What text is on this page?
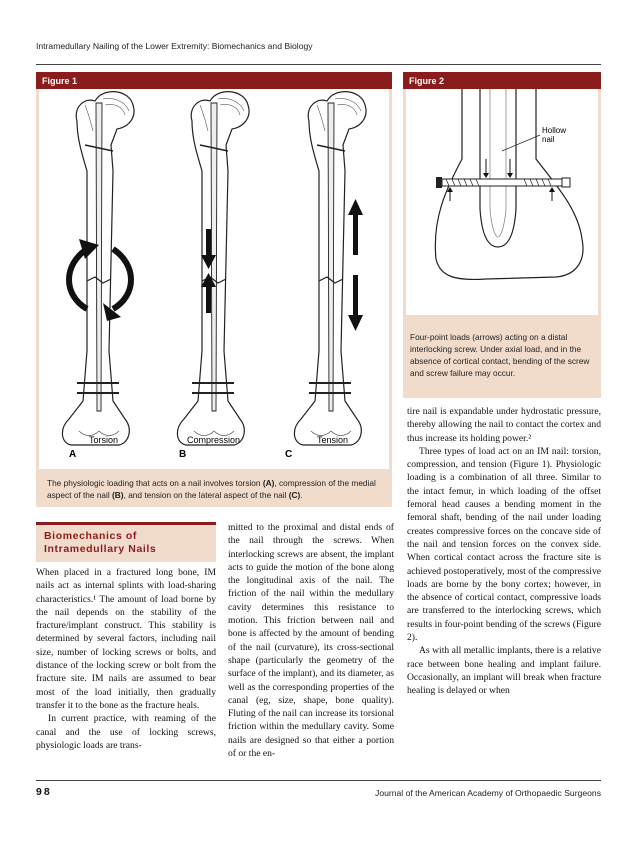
Intramedullary Nailing of the Lower Extremity: Biomechanics and Biology
Figure 1
A
Torsion
B
Compression
C
Tension
The physiologic loading that acts on a nail involves torsion (A), compression of the medial aspect of the nail (B), and tension on the lateral aspect of the nail (C).
Figure 2
Hollow
nail
Four-point loads (arrows) acting on a distal interlocking screw. Under axial load, and in the absence of cortical contact, bending of the screw and screw failure may occur.
Biomechanics of
Intramedullary Nails

When placed in a fractured long bone, IM nails act as internal splints with load-sharing characteristics.¹ The amount of load borne by the nail depends on the stability of the fracture/implant construct. This stability is determined by several factors, including nail size, number of locking screws or bolts, and distance of the locking screw or bolt from the fracture site. IM nails are assumed to bear most of the load initially, then gradually transfer it to the bone as the fracture heals.

In current practice, with reaming of the canal and the use of locking screws, physiologic loads are trans-

mitted to the proximal and distal ends of the nail through the screws. When interlocking screws are absent, the implant acts to guide the motion of the bone along the longitudinal axis of the nail. The friction of the nail within the medullary cavity determines this resistance to motion. This friction between nail and bone is affected by the amount of bending of the nail (curvature), its cross-sectional shape (particularly the geometry of the surface of the implant), and its diameter, as well as the corresponding properties of the canal (eg, size, shape, bone quality). Fluting of the nail can increase its torsional friction within the medullary cavity. Some nails are designed so that either a portion of or the en-

tire nail is expandable under hydrostatic pressure, thereby allowing the nail to contact the cortex and thus increase its holding power.²

Three types of load act on an IM nail: torsion, compression, and tension (Figure 1). Physiologic loading is a combination of all three. Similar to the intact femur, in which loading of the offset femoral head causes a bending moment in the femoral shaft, bending of the nail under loading creates compressive forces on the concave side of the nail and tension forces on the convex side. When cortical contact across the fracture site is achieved postoperatively, most of the compressive loads are borne by the bony cortex; however, in the absence of cortical contact, compressive loads are transferred to the interlocking screws, which results in four-point bending of the screws (Figure 2).

As with all metallic implants, there is a relative race between bone healing and implant failure. Occasionally, an implant will break when fracture healing is delayed or when

98	Journal of the American Academy of Orthopaedic Surgeons
